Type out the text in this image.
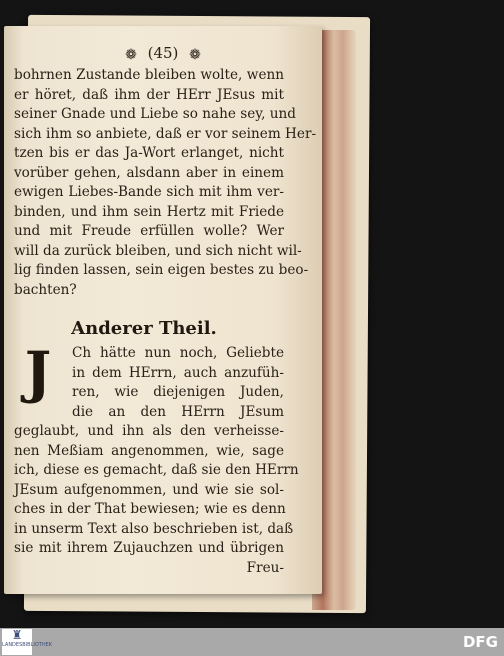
❁ (45) ❁
bohrnen Zustande bleiben wolte, wenn
er höret, daß ihm der HErr JEsus mit
seiner Gnade und Liebe so nahe sey, und
sich ihm so anbiete, daß er vor seinem Her-
tzen bis er das Ja-Wort erlanget, nicht
vorüber gehen, alsdann aber in einem
ewigen Liebes-Bande sich mit ihm ver-
binden, und ihm sein Hertz mit Friede
und mit Freude erfüllen wolle? Wer
will da zurück bleiben, und sich nicht wil-
lig finden lassen, sein eigen bestes zu beo-
bachten?
Anderer Theil.
J	Ch hätte nun noch, Geliebte
in dem HErrn, auch anzufüh-
ren, wie diejenigen Juden,
die an den HErrn JEsum
geglaubt, und ihn als den verheisse-
nen Meßiam angenommen, wie, sage
ich, diese es gemacht, daß sie den HErrn
JEsum aufgenommen, und wie sie sol-
ches in der That bewiesen; wie es denn
in unserm Text also beschrieben ist, daß
sie mit ihrem Zujauchzen und übrigen
Freu-
♜
LANDESBIBLIOTHEK	DFG
